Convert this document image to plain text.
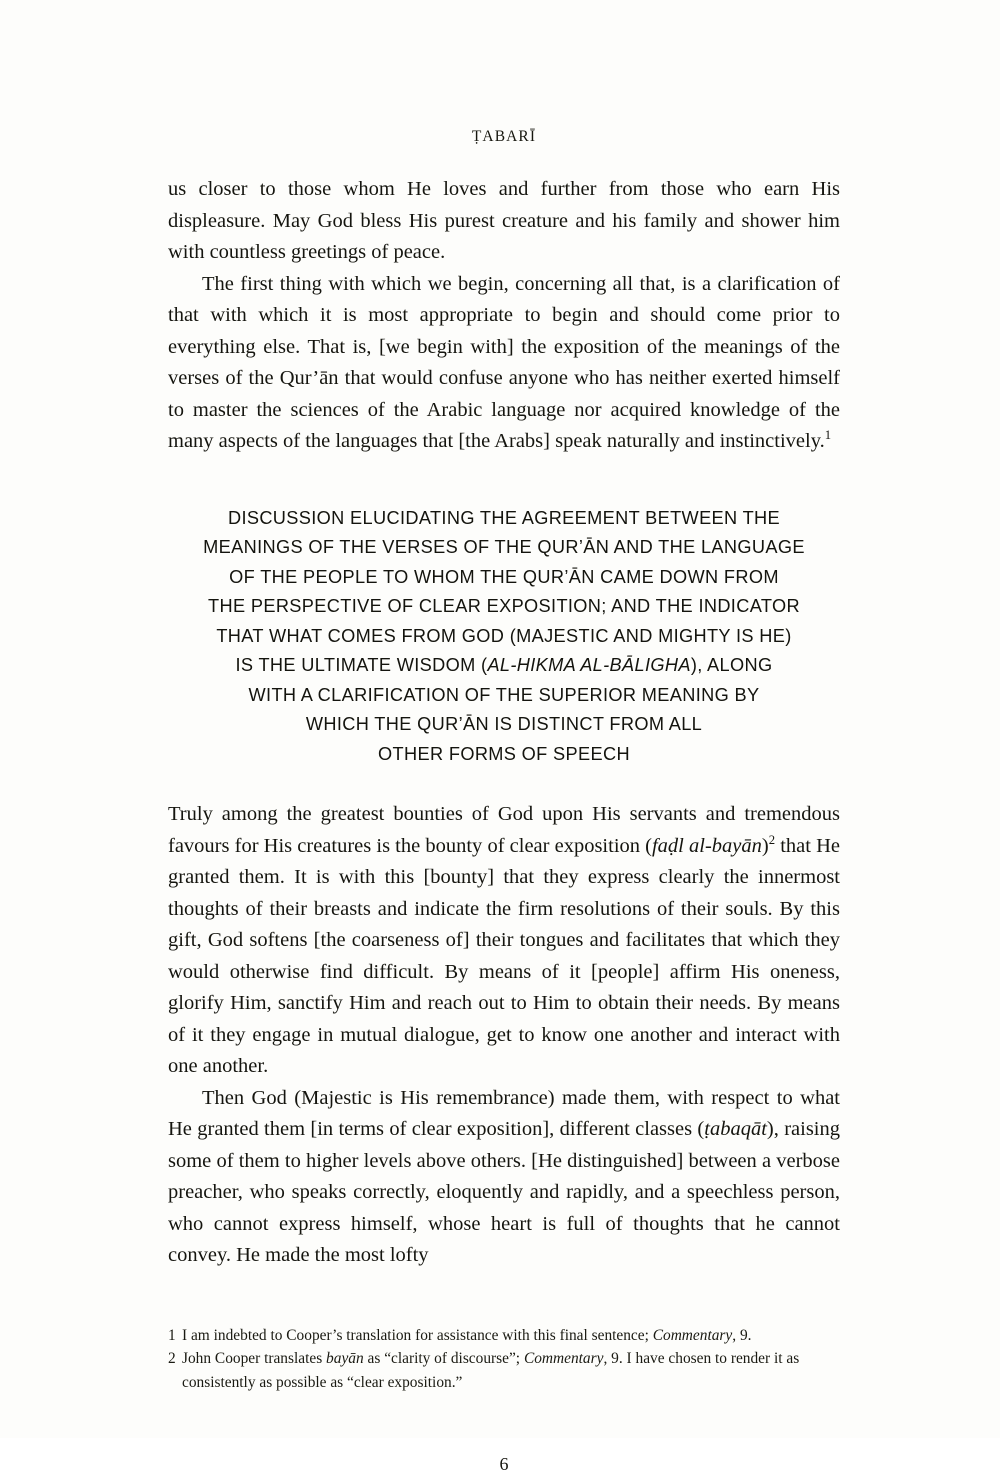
ṬABARĪ

us closer to those whom He loves and further from those who earn His displeasure. May God bless His purest creature and his family and shower him with countless greetings of peace.

The first thing with which we begin, concerning all that, is a clarification of that with which it is most appropriate to begin and should come prior to everything else. That is, [we begin with] the exposition of the meanings of the verses of the Qur’ān that would confuse anyone who has neither exerted himself to master the sciences of the Arabic language nor acquired knowledge of the many aspects of the languages that [the Arabs] speak naturally and instinctively.$^1$

DISCUSSION ELUCIDATING THE AGREEMENT BETWEEN THE
MEANINGS OF THE VERSES OF THE QUR’ĀN AND THE LANGUAGE
OF THE PEOPLE TO WHOM THE QUR’ĀN CAME DOWN FROM
THE PERSPECTIVE OF CLEAR EXPOSITION; AND THE INDICATOR
THAT WHAT COMES FROM GOD (MAJESTIC AND MIGHTY IS HE)
IS THE ULTIMATE WISDOM (AL-HIKMA AL-BĀLIGHA), ALONG
WITH A CLARIFICATION OF THE SUPERIOR MEANING BY
WHICH THE QUR’ĀN IS DISTINCT FROM ALL
OTHER FORMS OF SPEECH

Truly among the greatest bounties of God upon His servants and tremendous favours for His creatures is the bounty of clear exposition (faḍl al-bayān)$^2$ that He granted them. It is with this [bounty] that they express clearly the innermost thoughts of their breasts and indicate the firm resolutions of their souls. By this gift, God softens [the coarseness of] their tongues and facilitates that which they would otherwise find difficult. By means of it [people] affirm His oneness, glorify Him, sanctify Him and reach out to Him to obtain their needs. By means of it they engage in mutual dialogue, get to know one another and interact with one another.

Then God (Majestic is His remembrance) made them, with respect to what He granted them [in terms of clear exposition], different classes (ṭabaqāt), raising some of them to higher levels above others. [He distinguished] between a verbose preacher, who speaks correctly, eloquently and rapidly, and a speechless person, who cannot express himself, whose heart is full of thoughts that he cannot convey. He made the most lofty

1 I am indebted to Cooper’s translation for assistance with this final sentence; Commentary, 9.
2 John Cooper translates bayān as “clarity of discourse”; Commentary, 9. I have chosen to render it as consistently as possible as “clear exposition.”
6
